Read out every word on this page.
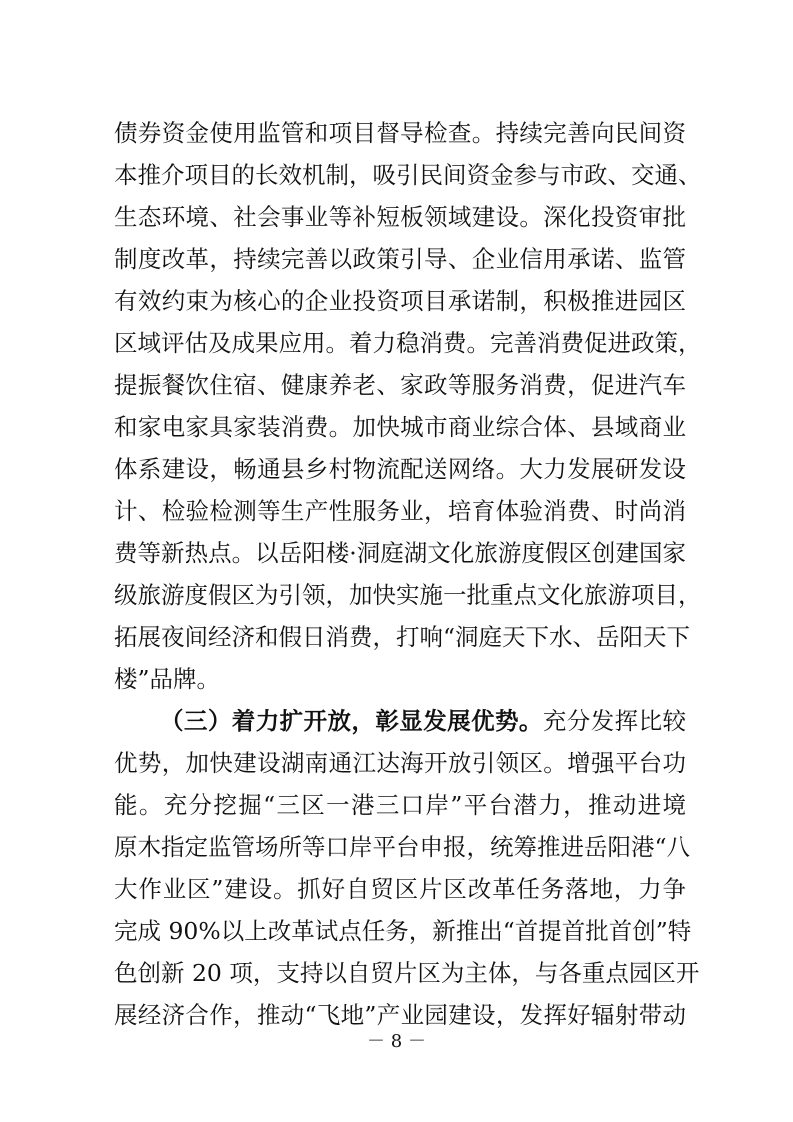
债券资金使用监管和项目督导检查。持续完善向民间资
本推介项目的长效机制，吸引民间资金参与市政、交通、
生态环境、社会事业等补短板领域建设。深化投资审批
制度改革，持续完善以政策引导、企业信用承诺、监管
有效约束为核心的企业投资项目承诺制，积极推进园区
区域评估及成果应用。着力稳消费。完善消费促进政策，
提振餐饮住宿、健康养老、家政等服务消费，促进汽车
和家电家具家装消费。加快城市商业综合体、县域商业
体系建设，畅通县乡村物流配送网络。大力发展研发设
计、检验检测等生产性服务业，培育体验消费、时尚消
费等新热点。以岳阳楼·洞庭湖文化旅游度假区创建国家
级旅游度假区为引领，加快实施一批重点文化旅游项目，
拓展夜间经济和假日消费，打响“洞庭天下水、岳阳天下
楼”品牌。
（三）着力扩开放，彰显发展优势。充分发挥比较
优势，加快建设湖南通江达海开放引领区。增强平台功
能。充分挖掘“三区一港三口岸”平台潜力，推动进境
原木指定监管场所等口岸平台申报，统筹推进岳阳港“八
大作业区”建设。抓好自贸区片区改革任务落地，力争
完成 90%以上改革试点任务，新推出“首提首批首创”特
色创新 20 项，支持以自贸片区为主体，与各重点园区开
展经济合作，推动“飞地”产业园建设，发挥好辐射带动
－ 8 －
